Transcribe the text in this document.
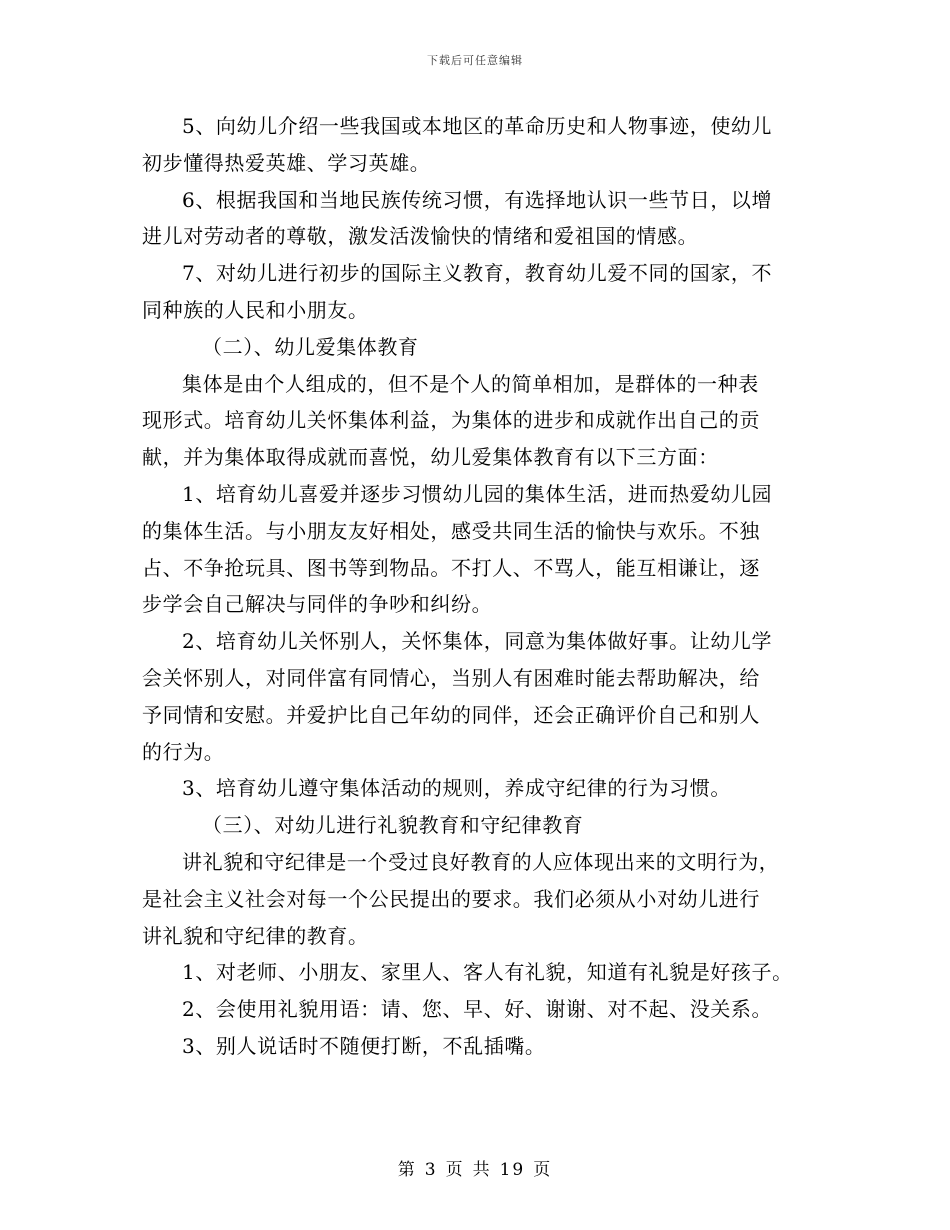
下载后可任意编辑

5、向幼儿介绍一些我国或本地区的革命历史和人物事迹，使幼儿
初步懂得热爱英雄、学习英雄。

6、根据我国和当地民族传统习惯，有选择地认识一些节日，以增
进儿对劳动者的尊敬，激发活泼愉快的情绪和爱祖国的情感。

7、对幼儿进行初步的国际主义教育，教育幼儿爱不同的国家，不
同种族的人民和小朋友。

（二）、幼儿爱集体教育

集体是由个人组成的，但不是个人的简单相加，是群体的一种表
现形式。培育幼儿关怀集体利益，为集体的进步和成就作出自己的贡
献，并为集体取得成就而喜悦，幼儿爱集体教育有以下三方面：

1、培育幼儿喜爱并逐步习惯幼儿园的集体生活，进而热爱幼儿园
的集体生活。与小朋友友好相处，感受共同生活的愉快与欢乐。不独
占、不争抢玩具、图书等到物品。不打人、不骂人，能互相谦让，逐
步学会自己解决与同伴的争吵和纠纷。

2、培育幼儿关怀别人，关怀集体，同意为集体做好事。让幼儿学
会关怀别人，对同伴富有同情心，当别人有困难时能去帮助解决，给
予同情和安慰。并爱护比自己年幼的同伴，还会正确评价自己和别人
的行为。

3、培育幼儿遵守集体活动的规则，养成守纪律的行为习惯。

（三）、对幼儿进行礼貌教育和守纪律教育

讲礼貌和守纪律是一个受过良好教育的人应体现出来的文明行为，
是社会主义社会对每一个公民提出的要求。我们必须从小对幼儿进行
讲礼貌和守纪律的教育。

1、对老师、小朋友、家里人、客人有礼貌，知道有礼貌是好孩子。

2、会使用礼貌用语：请、您、早、好、谢谢、对不起、没关系。

3、别人说话时不随便打断，不乱插嘴。

第 3 页 共 19 页
